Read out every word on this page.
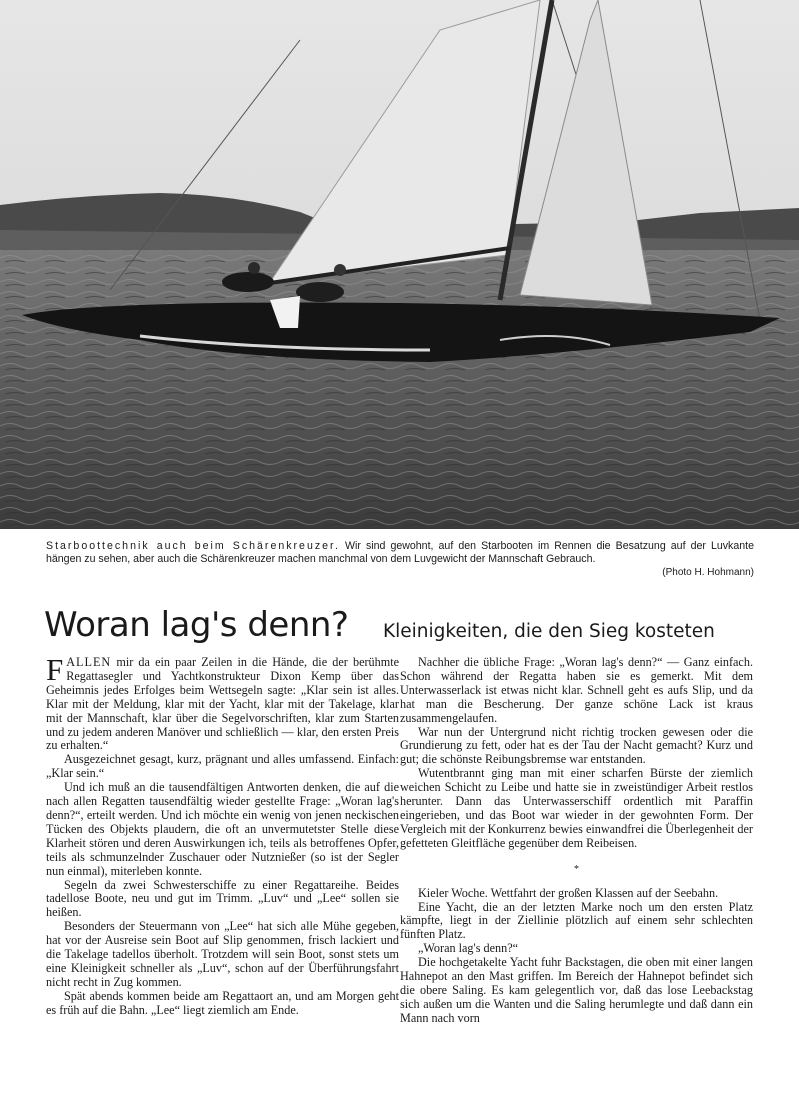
Starboottechnik auch beim Schärenkreuzer. Wir sind gewohnt, auf den Starbooten im Rennen die Besatzung auf der Luvkante hängen zu sehen, aber auch die Schärenkreuzer machen manchmal von dem Luvgewicht der Mannschaft Gebrauch.
(Photo H. Hohmann)
Woran lag's denn? Kleinigkeiten, die den Sieg kosteten

FALLEN mir da ein paar Zeilen in die Hände, die der berühmte Regattasegler und Yachtkonstrukteur Dixon Kemp über das Geheimnis jedes Erfolges beim Wettsegeln sagte: „Klar sein ist alles. Klar mit der Meldung, klar mit der Yacht, klar mit der Takelage, klar mit der Mannschaft, klar über die Segelvorschriften, klar zum Starten und zu jedem anderen Manöver und schließlich — klar, den ersten Preis zu erhalten.“

Ausgezeichnet gesagt, kurz, prägnant und alles umfassend. Einfach: „Klar sein.“

Und ich muß an die tausendfältigen Antworten denken, die auf die nach allen Regatten tausendfältig wieder gestellte Frage: „Woran lag's denn?“, erteilt werden. Und ich möchte ein wenig von jenen neckischen Tücken des Objekts plaudern, die oft an unvermutetster Stelle diese Klarheit stören und deren Auswirkungen ich, teils als betroffenes Opfer, teils als schmunzelnder Zuschauer oder Nutznießer (so ist der Segler nun einmal), miterleben konnte.

Segeln da zwei Schwesterschiffe zu einer Regattareihe. Beides tadellose Boote, neu und gut im Trimm. „Luv“ und „Lee“ sollen sie heißen.

Besonders der Steuermann von „Lee“ hat sich alle Mühe gegeben, hat vor der Ausreise sein Boot auf Slip genommen, frisch lackiert und die Takelage tadellos überholt. Trotzdem will sein Boot, sonst stets um eine Kleinigkeit schneller als „Luv“, schon auf der Überführungsfahrt nicht recht in Zug kommen.

Spät abends kommen beide am Regattaort an, und am Morgen geht es früh auf die Bahn. „Lee“ liegt ziemlich am Ende.

Nachher die übliche Frage: „Woran lag's denn?“ — Ganz einfach. Schon während der Regatta haben sie es gemerkt. Mit dem Unterwasserlack ist etwas nicht klar. Schnell geht es aufs Slip, und da hat man die Bescherung. Der ganze schöne Lack ist kraus zusammengelaufen.

War nun der Untergrund nicht richtig trocken gewesen oder die Grundierung zu fett, oder hat es der Tau der Nacht gemacht? Kurz und gut; die schönste Reibungsbremse war entstanden.

Wutentbrannt ging man mit einer scharfen Bürste der ziemlich weichen Schicht zu Leibe und hatte sie in zweistündiger Arbeit restlos herunter. Dann das Unterwasserschiff ordentlich mit Paraffin eingerieben, und das Boot war wieder in der gewohnten Form. Der Vergleich mit der Konkurrenz bewies einwandfrei die Überlegenheit der gefetteten Gleitfläche gegenüber dem Reibeisen.

*

Kieler Woche. Wettfahrt der großen Klassen auf der Seebahn.

Eine Yacht, die an der letzten Marke noch um den ersten Platz kämpfte, liegt in der Ziellinie plötzlich auf einem sehr schlechten fünften Platz.

„Woran lag's denn?“

Die hochgetakelte Yacht fuhr Backstagen, die oben mit einer langen Hahnepot an den Mast griffen. Im Bereich der Hahnepot befindet sich die obere Saling. Es kam gelegentlich vor, daß das lose Leebackstag sich außen um die Wanten und die Saling herumlegte und daß dann ein Mann nach vorn
